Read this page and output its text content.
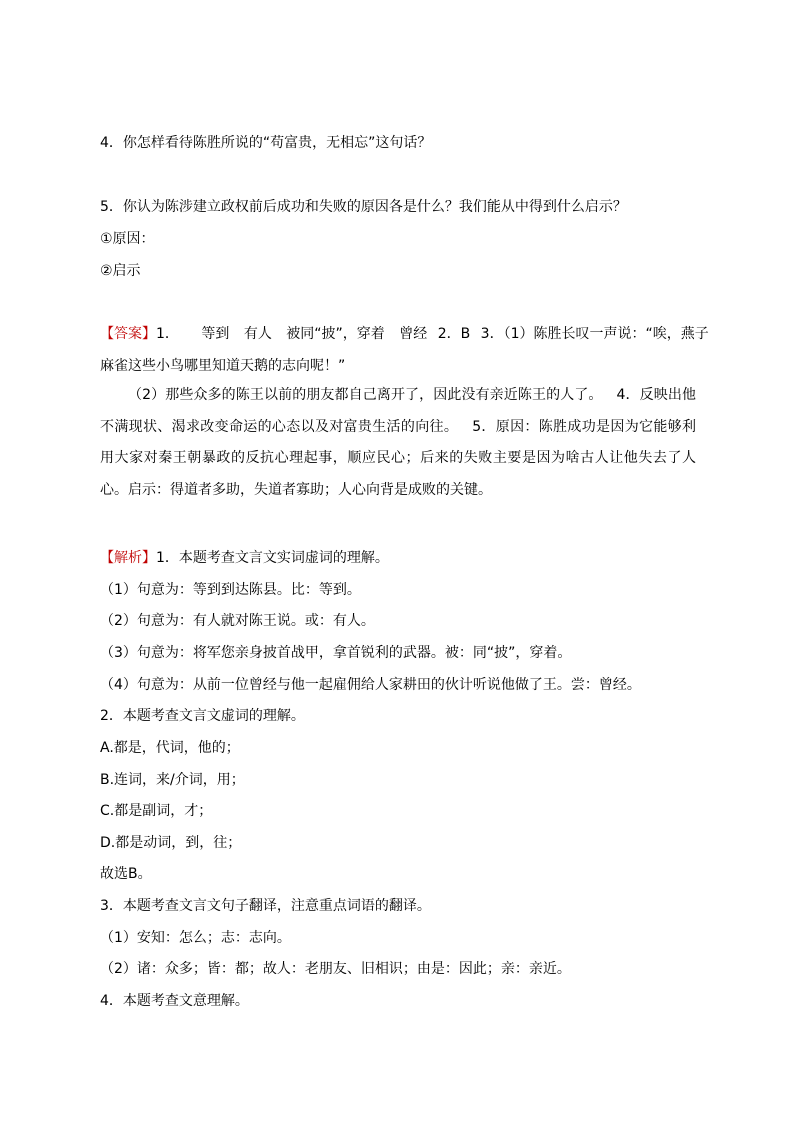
4．你怎样看待陈胜所说的“苟富贵，无相忘”这句话？
5．你认为陈涉建立政权前后成功和失败的原因各是什么？我们能从中得到什么启示？
①原因：
②启示
【答案】1． 等到 有人 被同“披”，穿着 曾经 2．B 3．（1）陈胜长叹一声说：“唉，燕子
麻雀这些小鸟哪里知道天鹅的志向呢！”
（2）那些众多的陈王以前的朋友都自己离开了，因此没有亲近陈王的人了。 4．反映出他不满现状、渴求改变命运的心态以及对富贵生活的向往。 5．原因：陈胜成功是因为它能够利用大家对秦王朝暴政的反抗心理起事，顺应民心；后来的失败主要是因为啥古人让他失去了人心。启示：得道者多助，失道者寡助；人心向背是成败的关键。
【解析】1．本题考查文言文实词虚词的理解。
（1）句意为：等到到达陈县。比：等到。
（2）句意为：有人就对陈王说。或：有人。
（3）句意为：将军您亲身披首战甲，拿首锐利的武器。被：同“披”，穿着。
（4）句意为：从前一位曾经与他一起雇佣给人家耕田的伙计听说他做了王。尝：曾经。
2．本题考查文言文虚词的理解。
A.都是，代词，他的；
B.连词，来/介词，用；
C.都是副词，才；
D.都是动词，到，往；
故选B。
3．本题考查文言文句子翻译，注意重点词语的翻译。
（1）安知：怎么；志：志向。
（2）诸：众多；皆：都；故人：老朋友、旧相识；由是：因此；亲：亲近。
4．本题考查文意理解。
